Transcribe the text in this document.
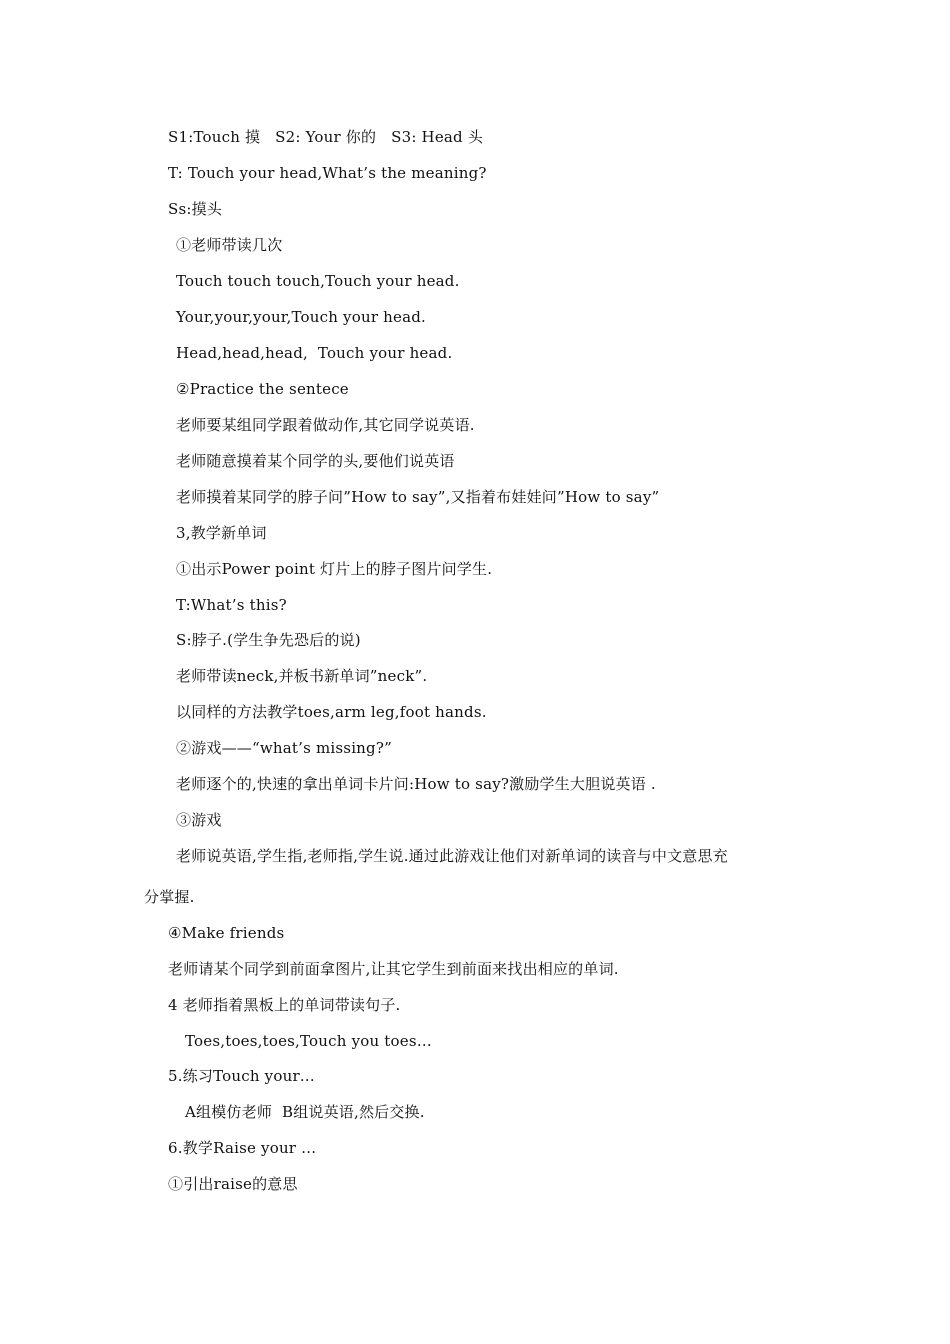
S1:Touch 摸   S2: Your 你的   S3: Head 头
T: Touch your head,What’s the meaning?
Ss:摸头
①老师带读几次
Touch touch touch,Touch your head.
Your,your,your,Touch your head.
Head,head,head,  Touch your head.
②Practice the sentece
老师要某组同学跟着做动作,其它同学说英语.
老师随意摸着某个同学的头,要他们说英语
老师摸着某同学的脖子问”How to say”,又指着布娃娃问”How to say”
3,教学新单词
①出示Power point 灯片上的脖子图片问学生.
T:What’s this?
S:脖子.(学生争先恐后的说)
老师带读neck,并板书新单词”neck”.
以同样的方法教学toes,arm leg,foot hands.
②游戏——“what’s missing?”
老师逐个的,快速的拿出单词卡片问:How to say?激励学生大胆说英语 .
③游戏
老师说英语,学生指,老师指,学生说.通过此游戏让他们对新单词的读音与中文意思充
分掌握.
④Make friends
老师请某个同学到前面拿图片,让其它学生到前面来找出相应的单词.
4 老师指着黑板上的单词带读句子.
Toes,toes,toes,Touch you toes…
5.练习Touch your…
A组模仿老师  B组说英语,然后交换.
6.教学Raise your …
①引出raise的意思
